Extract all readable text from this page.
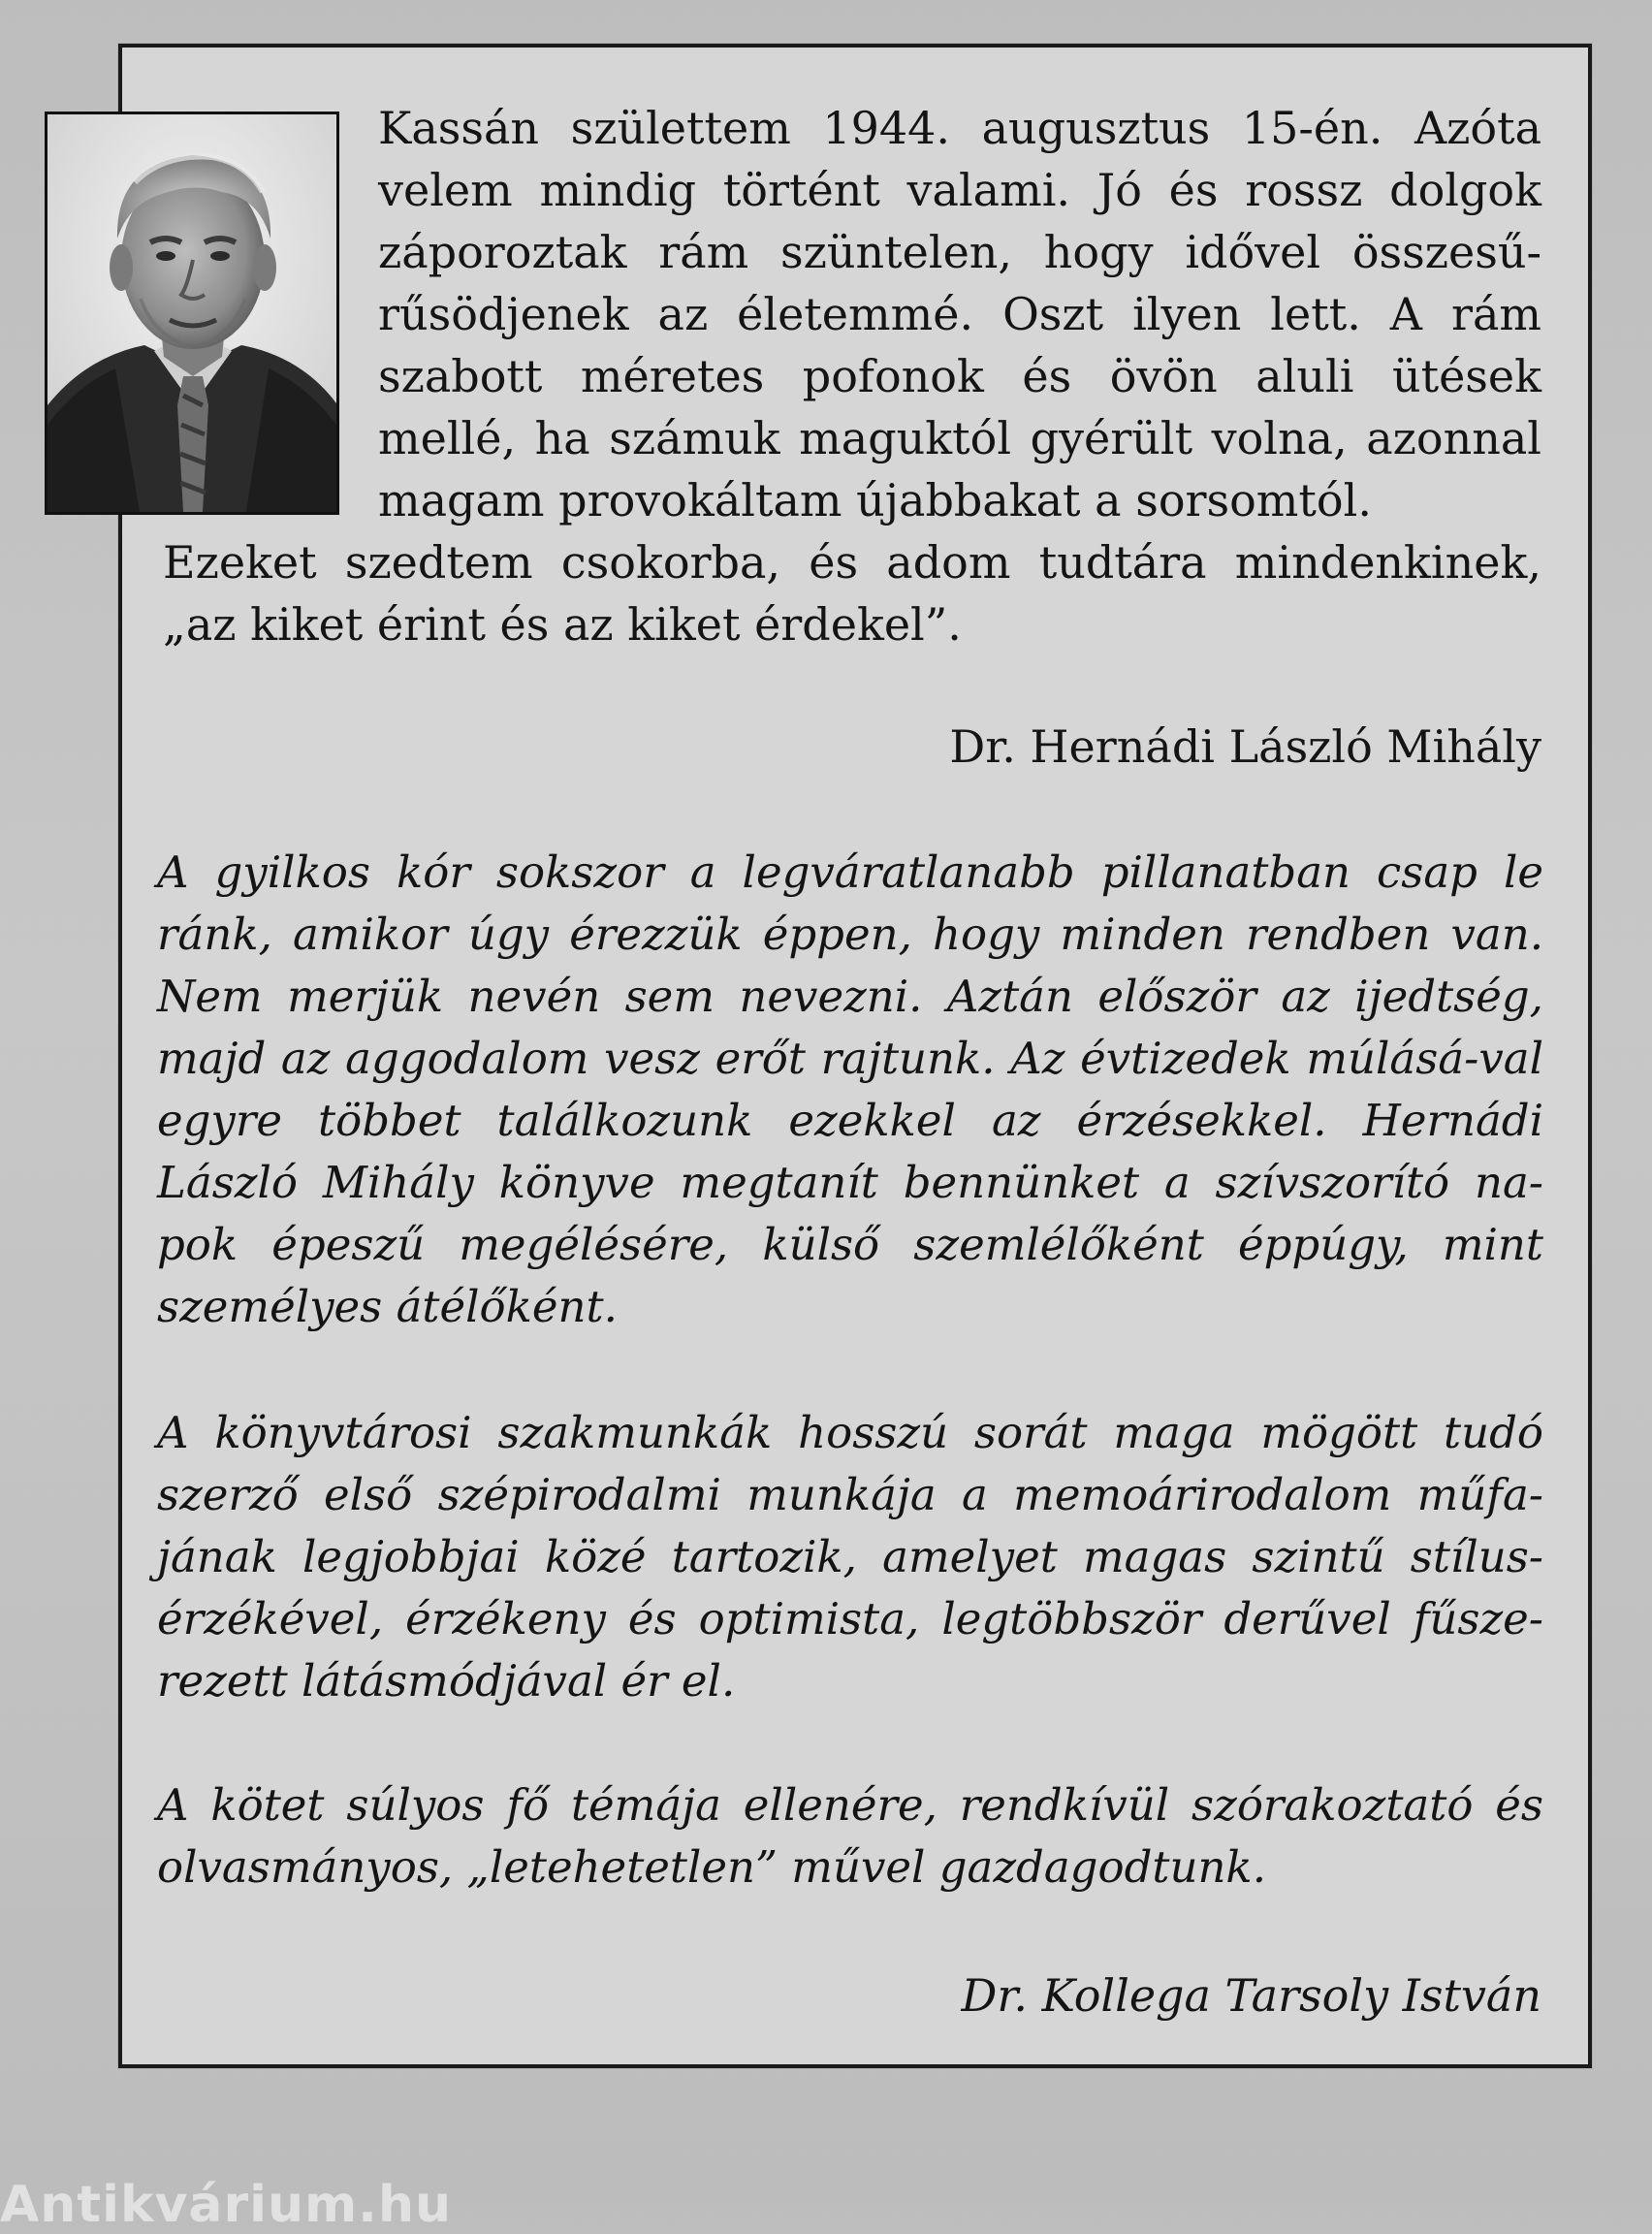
Kassán születtem 1944. augusztus 15-én. Azóta velem mindig történt valami. Jó és rossz dolgok záporoztak rám szüntelen, hogy idővel összesű-rűsödjenek az életemmé. Oszt ilyen lett. A rám szabott méretes pofonok és övön aluli ütések mellé, ha számuk maguktól gyérült volna, azonnal magam provokáltam újabbakat a sorsomtól.
Ezeket szedtem csokorba, és adom tudtára mindenkinek, „az kiket érint és az kiket érdekel”.
Dr. Hernádi László Mihály
A gyilkos kór sokszor a legváratlanabb pillanatban csap le ránk, amikor úgy érezzük éppen, hogy minden rendben van. Nem merjük nevén sem nevezni. Aztán először az ijedtség, majd az aggodalom vesz erőt rajtunk. Az évtizedek múlásá-val egyre többet találkozunk ezekkel az érzésekkel. Hernádi László Mihály könyve megtanít bennünket a szívszorító na-pok épeszű megélésére, külső szemlélőként éppúgy, mint személyes átélőként.
A könyvtárosi szakmunkák hosszú sorát maga mögött tudó szerző első szépirodalmi munkája a memoárirodalom műfa-jának legjobbjai közé tartozik, amelyet magas szintű stílus-érzékével, érzékeny és optimista, legtöbbször derűvel fűsze-rezett látásmódjával ér el.
A kötet súlyos fő témája ellenére, rendkívül szórakoztató és olvasmányos, „letehetetlen” művel gazdagodtunk.
Dr. Kollega Tarsoly István
Antikvárium.hu
